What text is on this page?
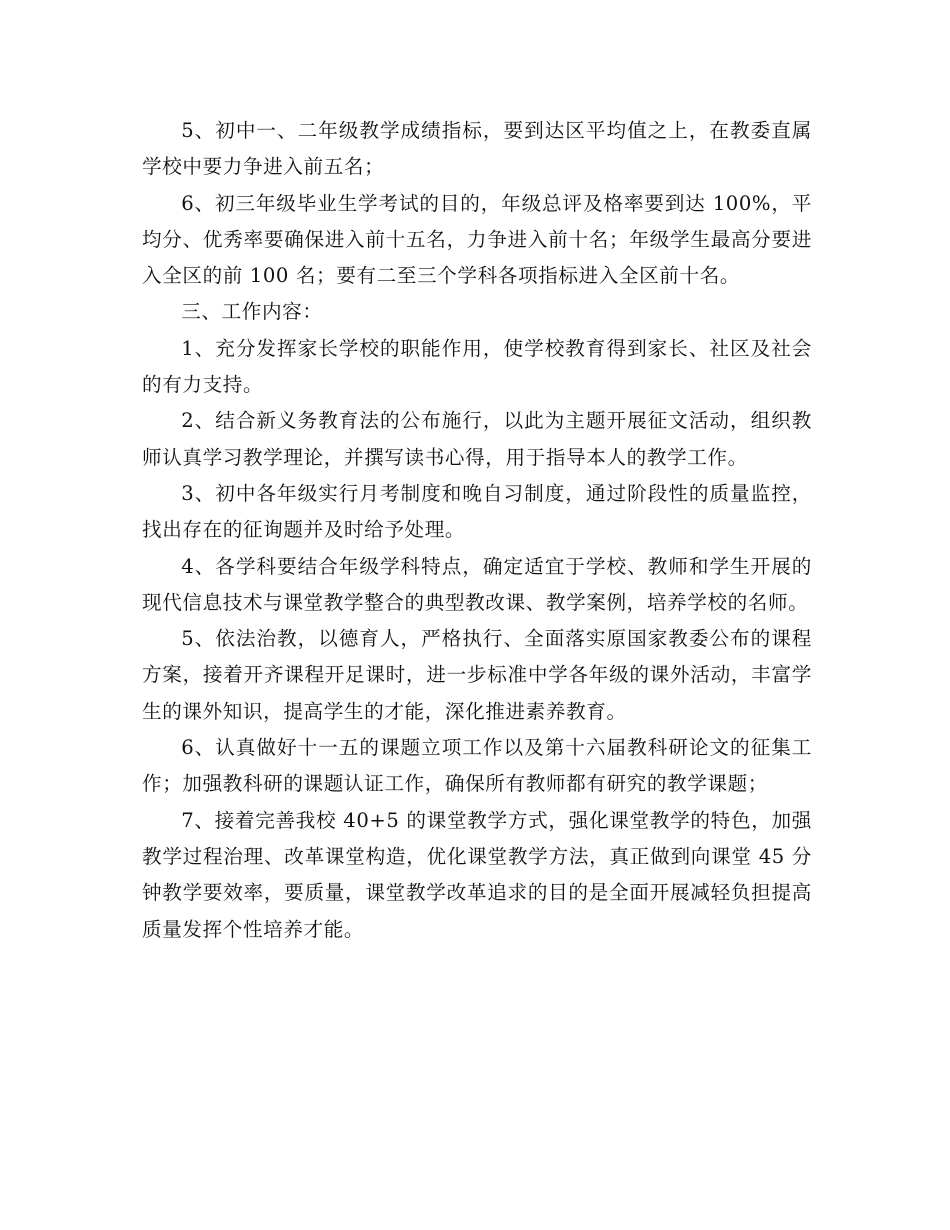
5、初中一、二年级教学成绩指标，要到达区平均值之上，在教委直属学校中要力争进入前五名；

6、初三年级毕业生学考试的目的，年级总评及格率要到达 100%，平均分、优秀率要确保进入前十五名，力争进入前十名；年级学生最高分要进入全区的前 100 名；要有二至三个学科各项指标进入全区前十名。

三、工作内容：

1、充分发挥家长学校的职能作用，使学校教育得到家长、社区及社会的有力支持。

2、结合新义务教育法的公布施行，以此为主题开展征文活动，组织教师认真学习教学理论，并撰写读书心得，用于指导本人的教学工作。

3、初中各年级实行月考制度和晚自习制度，通过阶段性的质量监控，找出存在的征询题并及时给予处理。

4、各学科要结合年级学科特点，确定适宜于学校、教师和学生开展的现代信息技术与课堂教学整合的典型教改课、教学案例，培养学校的名师。

5、依法治教，以德育人，严格执行、全面落实原国家教委公布的课程方案，接着开齐课程开足课时，进一步标准中学各年级的课外活动，丰富学生的课外知识，提高学生的才能，深化推进素养教育。

6、认真做好十一五的课题立项工作以及第十六届教科研论文的征集工作；加强教科研的课题认证工作，确保所有教师都有研究的教学课题；

7、接着完善我校 40+5 的课堂教学方式，强化课堂教学的特色，加强教学过程治理、改革课堂构造，优化课堂教学方法，真正做到向课堂 45 分钟教学要效率，要质量，课堂教学改革追求的目的是全面开展减轻负担提高质量发挥个性培养才能。
